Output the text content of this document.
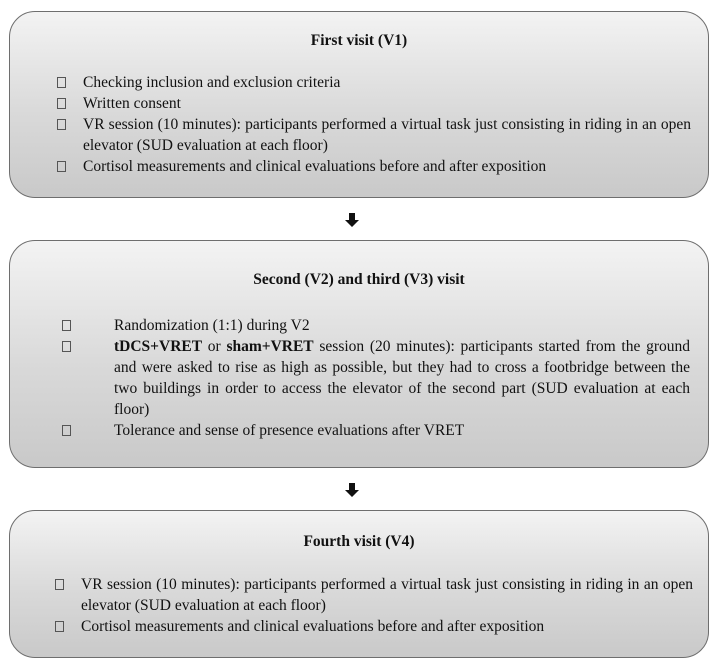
First visit (V1)
Checking inclusion and exclusion criteria
Written consent
VR session (10 minutes): participants performed a virtual task just consisting in riding in an open elevator (SUD evaluation at each floor)
Cortisol measurements and clinical evaluations before and after exposition
Second (V2) and third (V3) visit
Randomization (1:1) during V2
tDCS+VRET or sham+VRET session (20 minutes): participants started from the ground and were asked to rise as high as possible, but they had to cross a footbridge between the two buildings in order to access the elevator of the second part (SUD evaluation at each floor)
Tolerance and sense of presence evaluations after VRET
Fourth visit (V4)
VR session (10 minutes): participants performed a virtual task just consisting in riding in an open elevator (SUD evaluation at each floor)
Cortisol measurements and clinical evaluations before and after exposition
